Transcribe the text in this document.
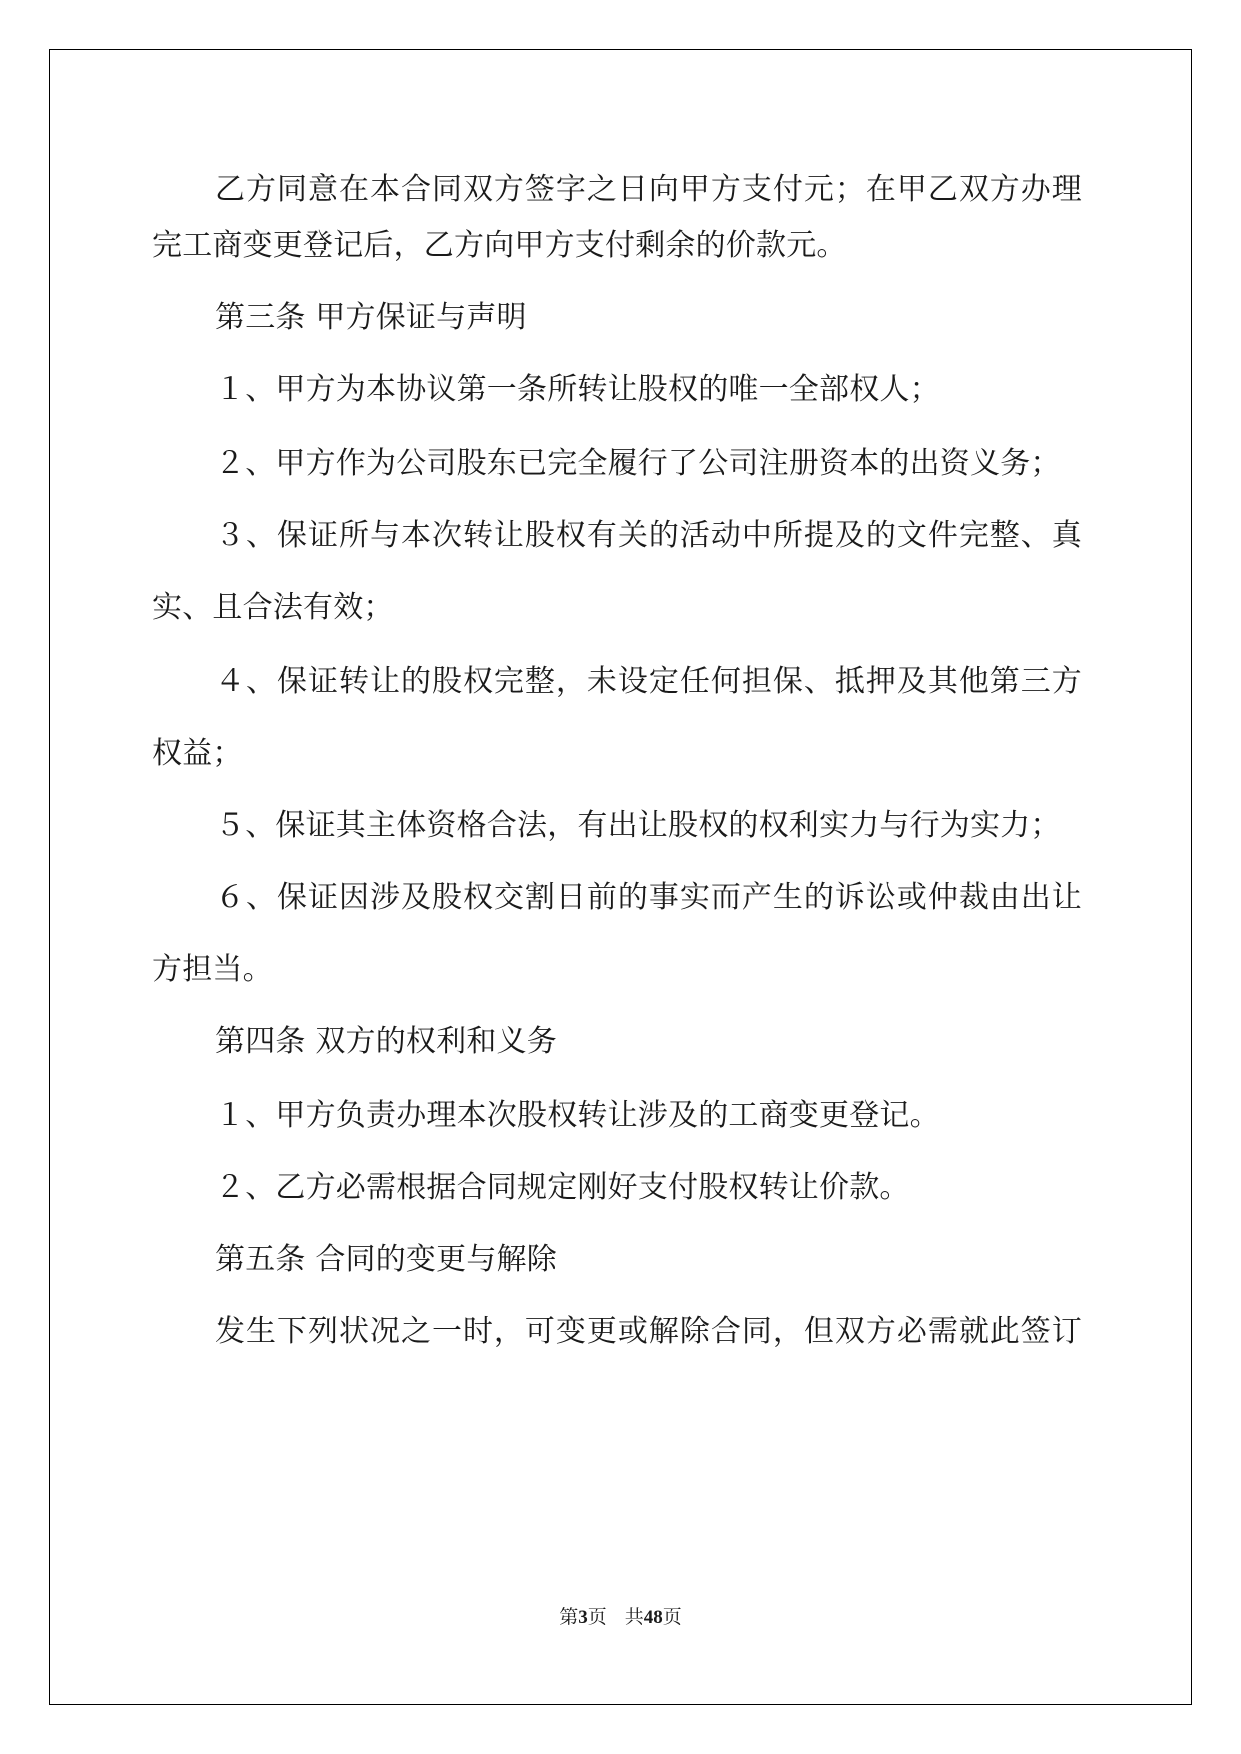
乙方同意在本合同双方签字之日向甲方支付元；在甲乙双方办理

完工商变更登记后，乙方向甲方支付剩余的价款元。

第三条 甲方保证与声明

１、甲方为本协议第一条所转让股权的唯一全部权人；

２、甲方作为公司股东已完全履行了公司注册资本的出资义务；

３、保证所与本次转让股权有关的活动中所提及的文件完整、真

实、且合法有效；

４、保证转让的股权完整，未设定任何担保、抵押及其他第三方

权益；

５、保证其主体资格合法，有出让股权的权利实力与行为实力；

６、保证因涉及股权交割日前的事实而产生的诉讼或仲裁由出让

方担当。

第四条 双方的权利和义务

１、甲方负责办理本次股权转让涉及的工商变更登记。

２、乙方必需根据合同规定刚好支付股权转让价款。

第五条 合同的变更与解除

发生下列状况之一时，可变更或解除合同，但双方必需就此签订

第3页 共48页
